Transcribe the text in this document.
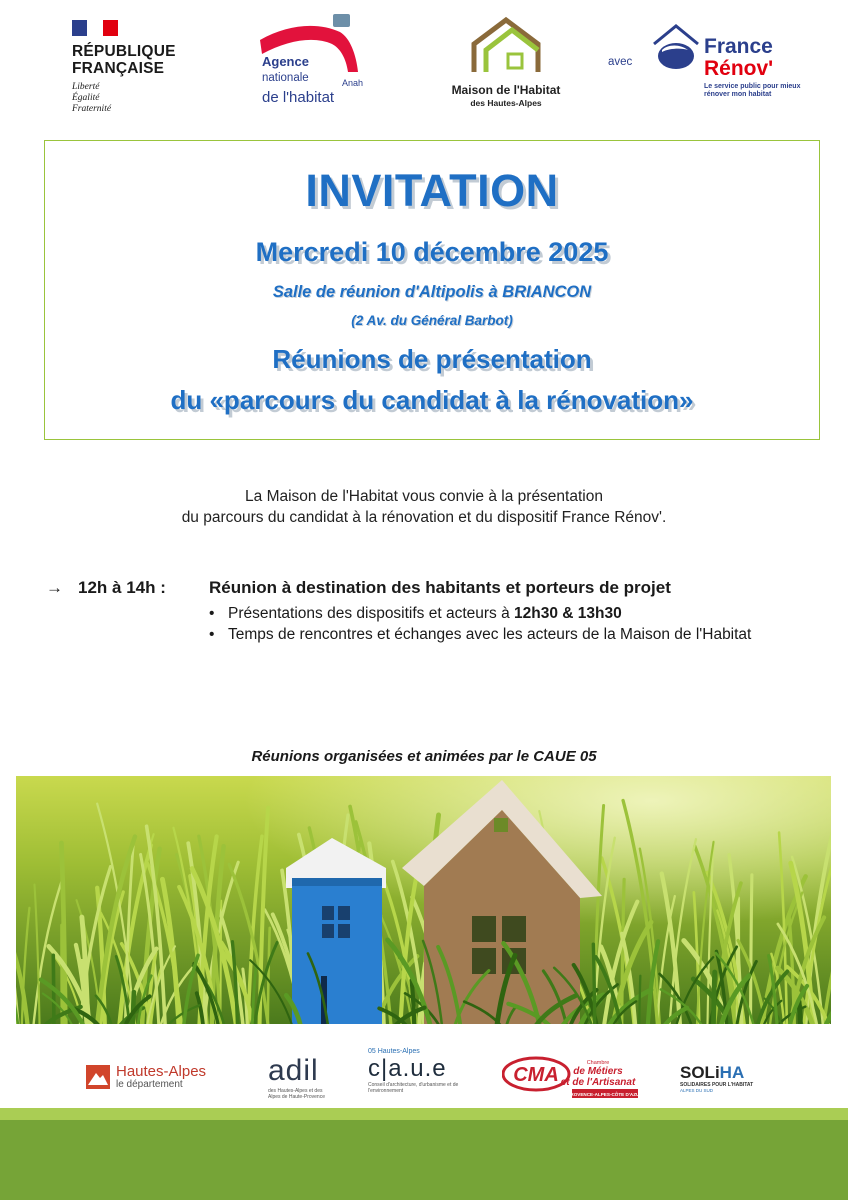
RÉPUBLIQUE
FRANÇAISE
Liberté
Égalité
Fraternité
Agence
nationale
de l'habitat
Anah	Maison de l'Habitat
des Hautes-Alpes
avec
France
Rénov'
Le service public pour mieux rénover mon habitat
INVITATION
Mercredi 10 décembre 2025
Salle de réunion d'Altipolis à BRIANCON
(2 Av. du Général Barbot)
Réunions de présentation
du «parcours du candidat à la rénovation»
La Maison de l'Habitat vous convie à la présentation
du parcours du candidat à la rénovation et du dispositif France Rénov'.
→ 12h à 14h :	Réunion à destination des habitants et porteurs de projet
• Présentations des dispositifs et acteurs à 12h30 & 13h30
• Temps de rencontres et échanges avec les acteurs de la Maison de l'Habitat
Réunions organisées et animées par le CAUE 05
Hautes-Alpes
le département	adil
des Hautes-Alpes et des Alpes de Haute-Provence
05 Hautes-Alpes
c|a.u.e
Conseil d'architecture, d'urbanisme et de l'environnement
CMA
Chambre
de Métiers
et de l'Artisanat
PROVENCE-ALPES-CÔTE D'AZUR
SOLiHA
SOLIDAIRES POUR L'HABITAT
ALPES DU SUD
